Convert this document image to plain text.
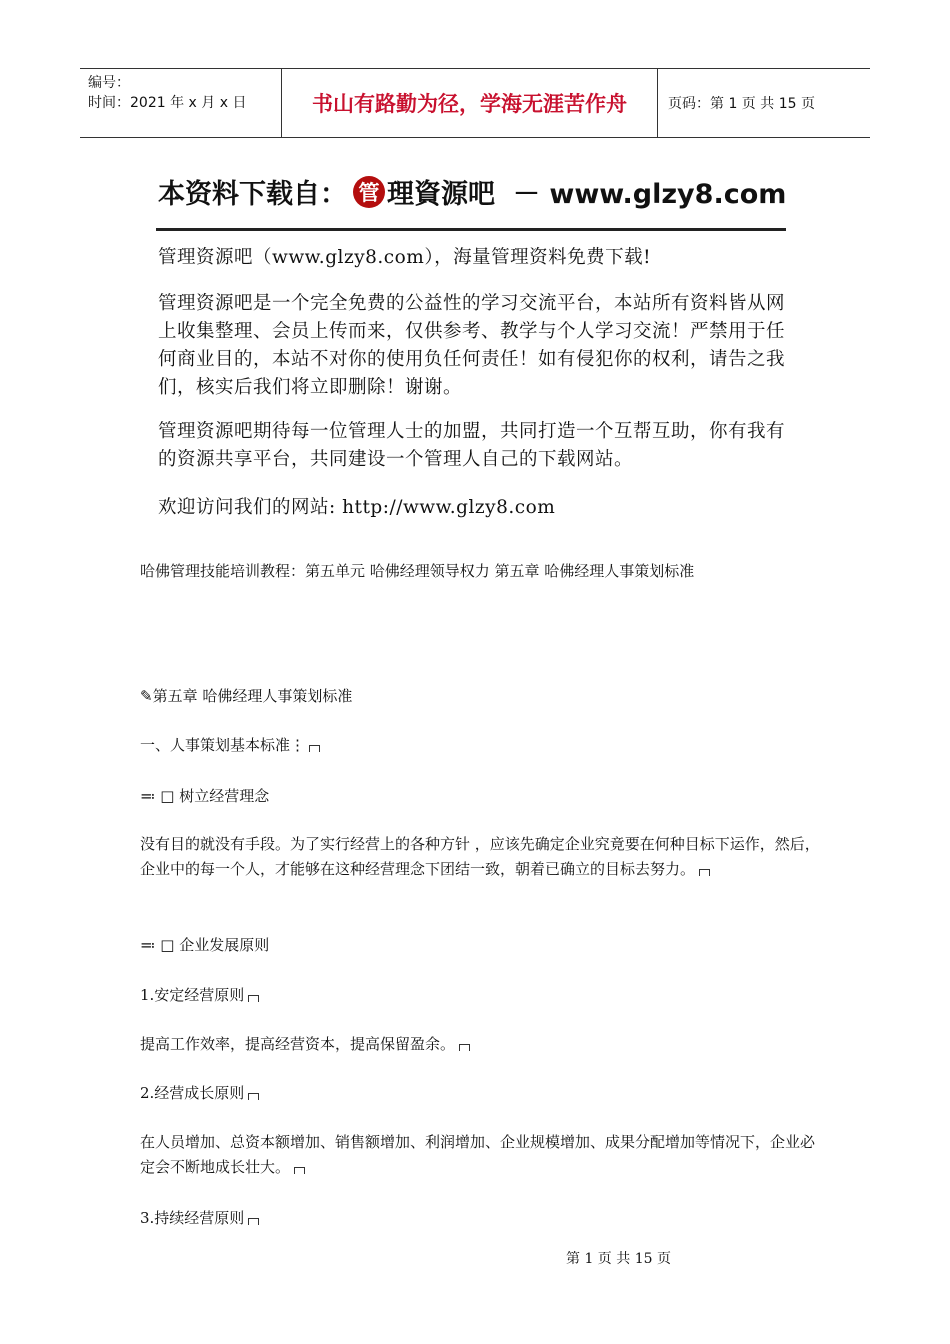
编号：
时间：2021 年 x 月 x 日	书山有路勤为径，学海无涯苦作舟	页码：第 1 页 共 15 页
本资料下载自： 管 理資源吧 － www.glzy8.com
管理资源吧（www.glzy8.com），海量管理资料免费下载!
管理资源吧是一个完全免费的公益性的学习交流平台，本站所有资料皆从网上收集整理、会员上传而来，仅供参考、教学与个人学习交流！严禁用于任何商业目的，本站不对你的使用负任何责任！如有侵犯你的权利，请告之我们，核实后我们将立即删除！谢谢。
管理资源吧期待每一位管理人士的加盟，共同打造一个互帮互助，你有我有的资源共享平台，共同建设一个管理人自己的下载网站。
欢迎访问我们的网站: http://www.glzy8.com
哈佛管理技能培训教程：第五单元 哈佛经理领导权力 第五章 哈佛经理人事策划标准
✎第五章 哈佛经理人事策划标准
一、人事策划基本标准⋮
≕ □ 树立经营理念
没有目的就没有手段。为了实行经营上的各种方针 ，应该先确定企业究竟要在何种目标下运作，然后，企业中的每一个人，才能够在这种经营理念下团结一致，朝着已确立的目标去努力。
≕ □ 企业发展原则
1.安定经营原则
提高工作效率，提高经营资本，提高保留盈余。
2.经营成长原则
在人员增加、总资本额增加、销售额增加、利润增加、企业规模增加、成果分配增加等情况下，企业必定会不断地成长壮大。
3.持续经营原则
第 1 页 共 15 页
